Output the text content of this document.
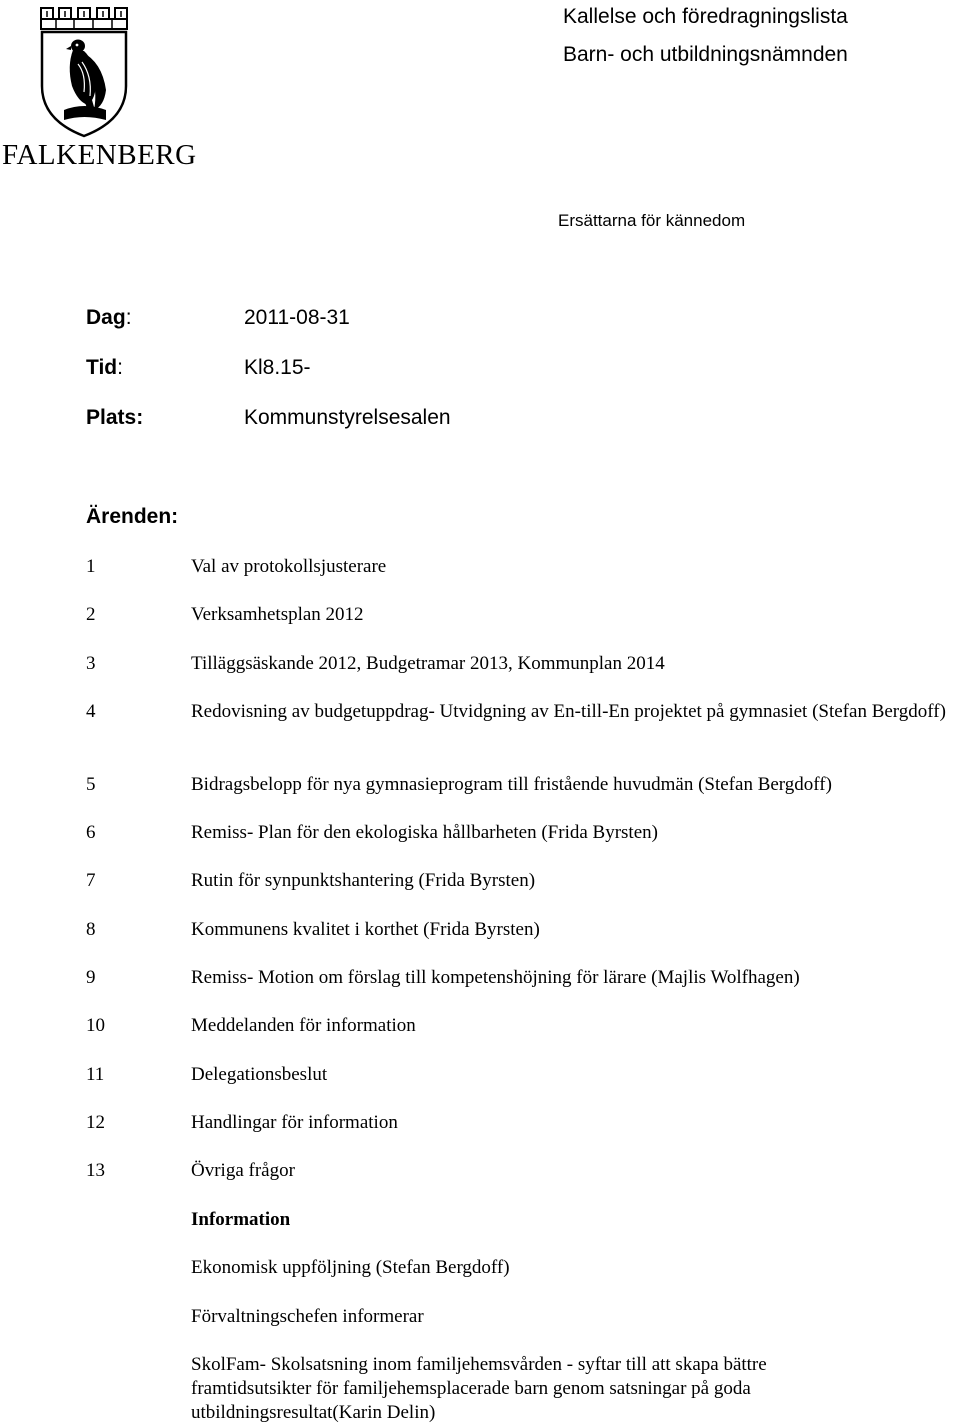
FALKENBERG
Kallelse och föredragningslista
Barn- och utbildningsnämnden
Ersättarna för kännedom
Dag:	2011-08-31
Tid:	Kl8.15-
Plats:	Kommunstyrelsesalen
Ärenden:
1	Val av protokollsjusterare
2	Verksamhetsplan 2012
3	Tilläggsäskande 2012, Budgetramar 2013, Kommunplan 2014
4	Redovisning av budgetuppdrag- Utvidgning av En-till-En projektet på gymnasiet (Stefan Bergdoff)
5	Bidragsbelopp för nya gymnasieprogram till fristående huvudmän (Stefan Bergdoff)
6	Remiss- Plan för den ekologiska hållbarheten (Frida Byrsten)
7	Rutin för synpunktshantering (Frida Byrsten)
8	Kommunens kvalitet i korthet (Frida Byrsten)
9	Remiss- Motion om förslag till kompetenshöjning för lärare (Majlis Wolfhagen)
10	Meddelanden för information
11	Delegationsbeslut
12	Handlingar för information
13	Övriga frågor
Information
Ekonomisk uppföljning (Stefan Bergdoff)
Förvaltningschefen informerar
SkolFam- Skolsatsning inom familjehemsvården - syftar till att skapa bättre framtidsutsikter för familjehemsplacerade barn genom satsningar på goda utbildningsresultat(Karin Delin)
